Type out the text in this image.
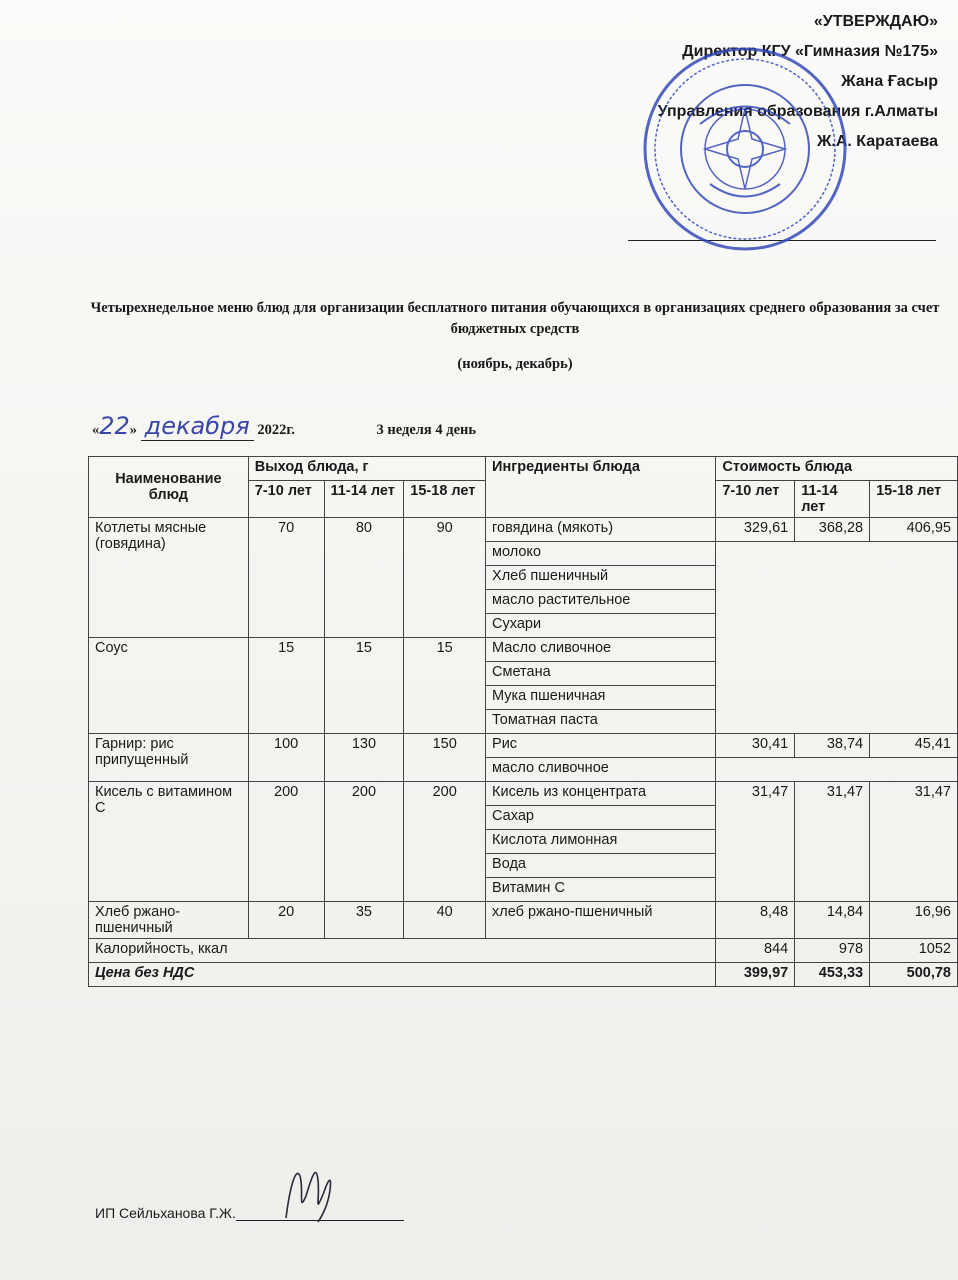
«УТВЕРЖДАЮ»
Директор КГУ «Гимназия №175»
Жана Ғасыр
Управления образования г.Алматы
Ж.А. Каратаева
Четырехнедельное меню блюд для организации бесплатного питания обучающихся в организациях среднего образования за счет бюджетных средств
(ноябрь, декабрь)
«22» декабря 2022г.	3 неделя 4 день
Наименование блюд	Выход блюда, г			Ингредиенты блюда	Стоимость блюда		
	7-10 лет	11-14 лет	15-18 лет		7-10 лет	11-14 лет	15-18 лет
Котлеты мясные (говядина)	70	80	90	говядина (мякоть)	329,61	368,28	406,95
				молоко			
				Хлеб пшеничный			
				масло растительное			
				Сухари			
Соус	15	15	15	Масло сливочное			
				Сметана			
				Мука пшеничная			
				Томатная паста			
Гарнир: рис припущенный	100	130	150	Рис	30,41	38,74	45,41
				масло сливочное			
Кисель с витамином С	200	200	200	Кисель из концентрата	31,47	31,47	31,47
				Сахар			
				Кислота лимонная			
				Вода			
				Витамин С			
Хлеб ржано-пшеничный	20	35	40	хлеб ржано-пшеничный	8,48	14,84	16,96
Калорийность, ккал					844	978	1052
Цена без НДС					399,97	453,33	500,78
ИП Сейльханова Г.Ж.
